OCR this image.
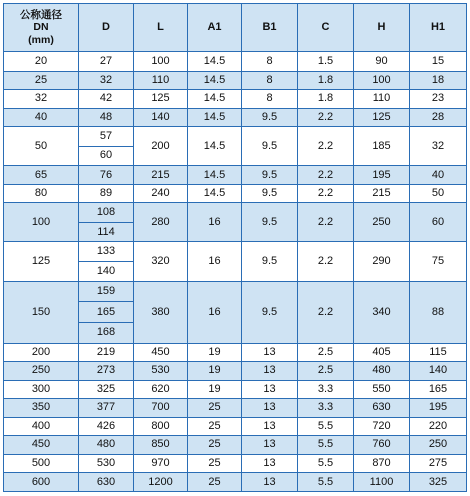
公称通径
DN
(mm)	D	L	A1	B1	C	H	H1
20	27	100	14.5	8	1.5	90	15
25	32	110	14.5	8	1.8	100	18
32	42	125	14.5	8	1.8	110	23
40	48	140	14.5	9.5	2.2	125	28
50	57	200	14.5	9.5	2.2	185	32
	60						
65	76	215	14.5	9.5	2.2	195	40
80	89	240	14.5	9.5	2.2	215	50
100	108	280	16	9.5	2.2	250	60
	114						
125	133	320	16	9.5	2.2	290	75
	140						
150	159	380	16	9.5	2.2	340	88
	165						
	168						
200	219	450	19	13	2.5	405	115
250	273	530	19	13	2.5	480	140
300	325	620	19	13	3.3	550	165
350	377	700	25	13	3.3	630	195
400	426	800	25	13	5.5	720	220
450	480	850	25	13	5.5	760	250
500	530	970	25	13	5.5	870	275
600	630	1200	25	13	5.5	1100	325
